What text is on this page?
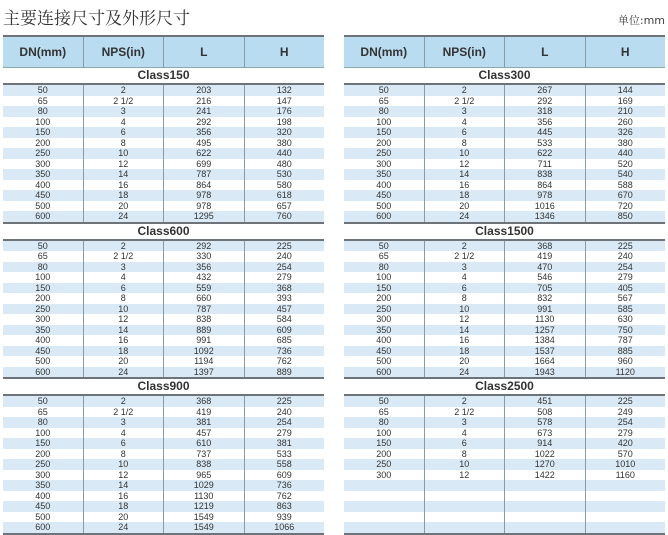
主要连接尺寸及外形尺寸	单位:mm
DN(mm)	NPS(in)	L	H
Class150
50	2	203	132
65	2 1/2	216	147
80	3	241	176
100	4	292	198
150	6	356	320
200	8	495	380
250	10	622	440
300	12	699	480
350	14	787	530
400	16	864	580
450	18	978	618
500	20	978	657
600	24	1295	760
Class600
50	2	292	225
65	2 1/2	330	240
80	3	356	254
100	4	432	279
150	6	559	368
200	8	660	393
250	10	787	457
300	12	838	584
350	14	889	609
400	16	991	685
450	18	1092	736
500	20	1194	762
600	24	1397	889
Class900
50	2	368	225
65	2 1/2	419	240
80	3	381	254
100	4	457	279
150	6	610	381
200	8	737	533
250	10	838	558
300	12	965	609
350	14	1029	736
400	16	1130	762
450	18	1219	863
500	20	1549	939
600	24	1549	1066
DN(mm)	NPS(in)	L	H
Class300
50	2	267	144
65	2 1/2	292	169
80	3	318	210
100	4	356	260
150	6	445	326
200	8	533	380
250	10	622	440
300	12	711	520
350	14	838	540
400	16	864	588
450	18	978	670
500	20	1016	720
600	24	1346	850
Class1500
50	2	368	225
65	2 1/2	419	240
80	3	470	254
100	4	546	279
150	6	705	405
200	8	832	567
250	10	991	585
300	12	1130	630
350	14	1257	750
400	16	1384	787
450	18	1537	885
500	20	1664	960
600	24	1943	1120
Class2500
50	2	451	225
65	2 1/2	508	249
80	3	578	254
100	4	673	279
150	6	914	420
200	8	1022	570
250	10	1270	1010
300	12	1422	1160
